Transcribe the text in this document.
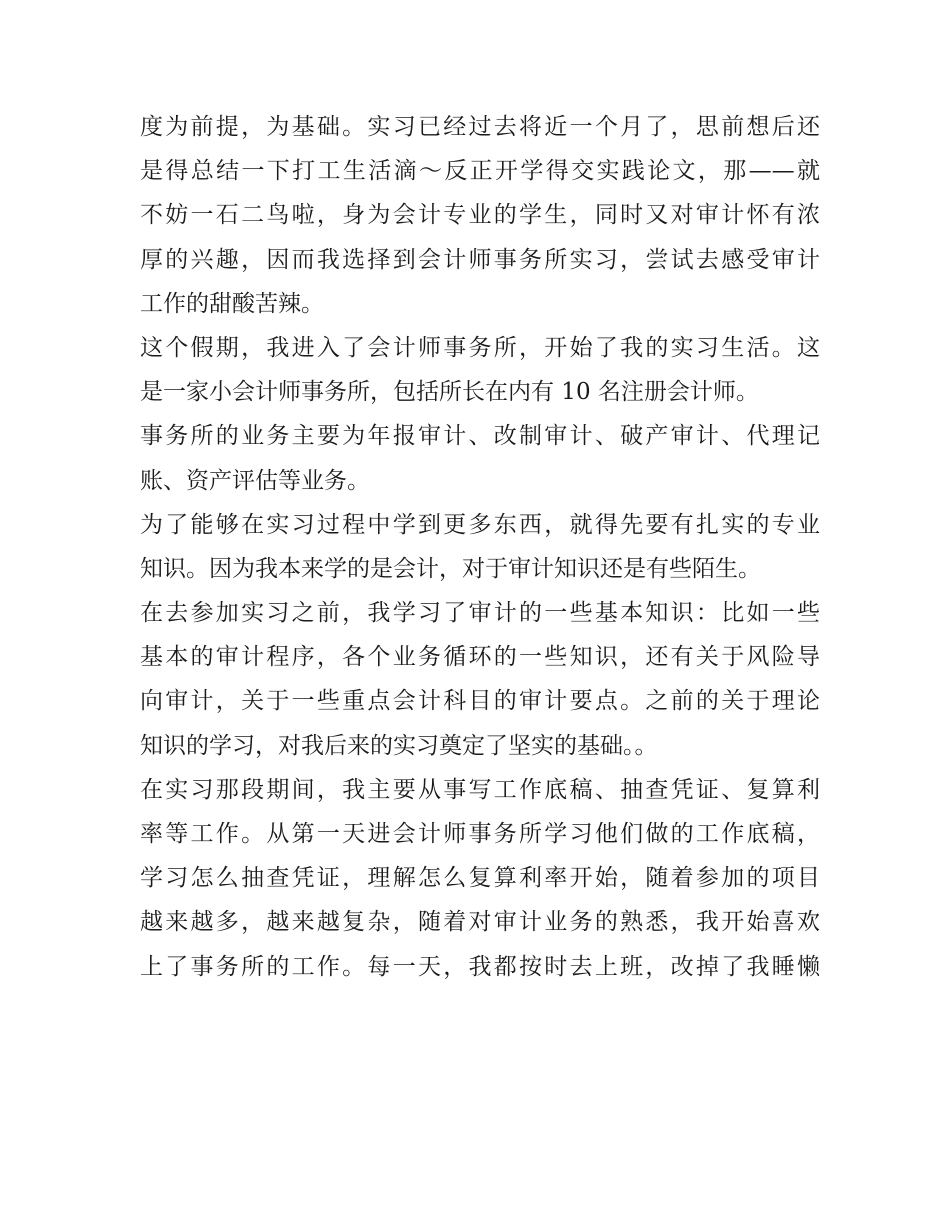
度为前提，为基础。实习已经过去将近一个月了，思前想后还
是得总结一下打工生活滴～反正开学得交实践论文，那——就
不妨一石二鸟啦，身为会计专业的学生，同时又对审计怀有浓
厚的兴趣，因而我选择到会计师事务所实习，尝试去感受审计
工作的甜酸苦辣。
这个假期，我进入了会计师事务所，开始了我的实习生活。这
是一家小会计师事务所，包括所长在内有 10 名注册会计师。
事务所的业务主要为年报审计、改制审计、破产审计、代理记
账、资产评估等业务。
为了能够在实习过程中学到更多东西，就得先要有扎实的专业
知识。因为我本来学的是会计，对于审计知识还是有些陌生。
在去参加实习之前，我学习了审计的一些基本知识：比如一些
基本的审计程序，各个业务循环的一些知识，还有关于风险导
向审计，关于一些重点会计科目的审计要点。之前的关于理论
知识的学习，对我后来的实习奠定了坚实的基础。。
在实习那段期间，我主要从事写工作底稿、抽查凭证、复算利
率等工作。从第一天进会计师事务所学习他们做的工作底稿，
学习怎么抽查凭证，理解怎么复算利率开始，随着参加的项目
越来越多，越来越复杂，随着对审计业务的熟悉，我开始喜欢
上了事务所的工作。每一天，我都按时去上班，改掉了我睡懒
